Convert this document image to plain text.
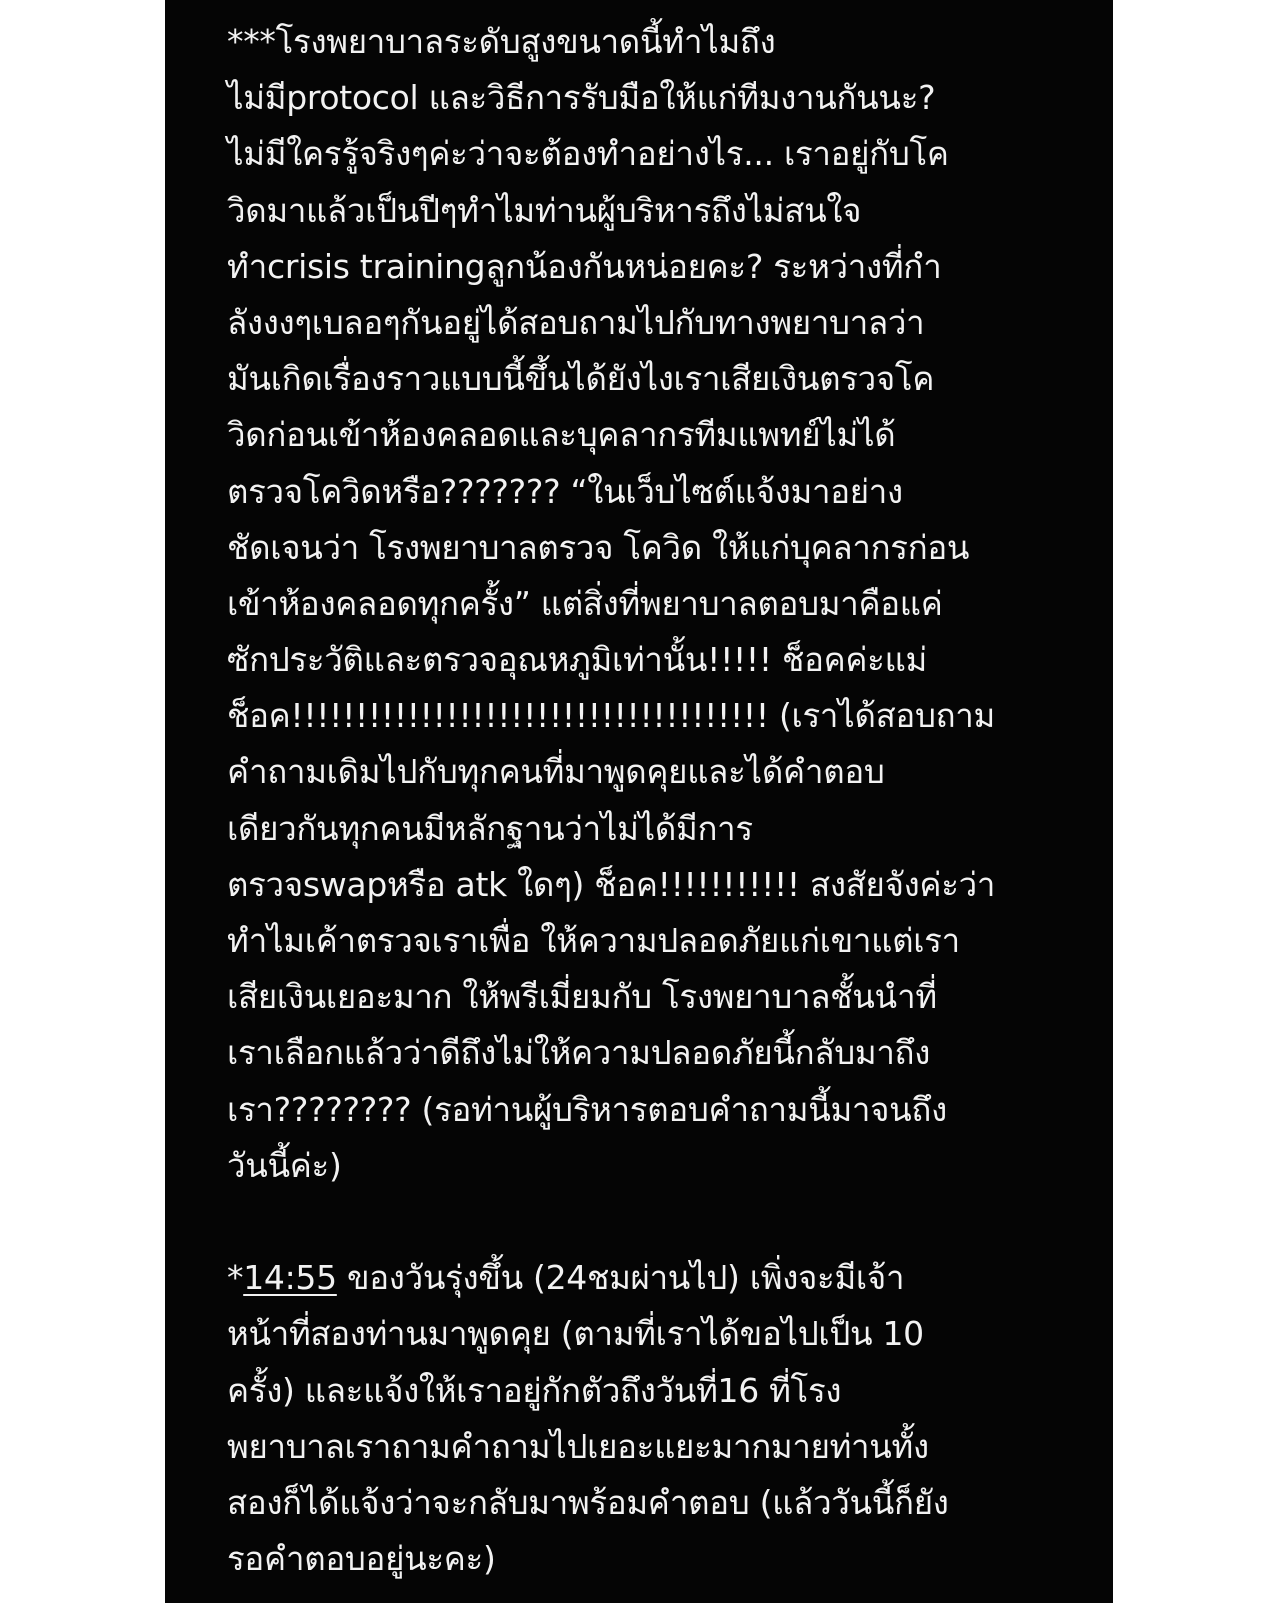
***โรงพยาบาลระดับสูงขนาดนี้ทำไมถึง
ไม่มีprotocol และวิธีการรับมือให้แก่ทีมงานกันนะ?
ไม่มีใครรู้จริงๆค่ะว่าจะต้องทำอย่างไร... เราอยู่กับโค
วิดมาแล้วเป็นปีๆทำไมท่านผู้บริหารถึงไม่สนใจ
ทำcrisis trainingลูกน้องกันหน่อยคะ? ระหว่างที่กำ
ลังงงๆเบลอๆกันอยู่ได้สอบถามไปกับทางพยาบาลว่า
มันเกิดเรื่องราวแบบนี้ขึ้นได้ยังไงเราเสียเงินตรวจโค
วิดก่อนเข้าห้องคลอดและบุคลากรทีมแพทย์ไม่ได้
ตรวจโควิดหรือ??????? “ในเว็บไซต์แจ้งมาอย่าง
ชัดเจนว่า โรงพยาบาลตรวจ โควิด ให้แก่บุคลากรก่อน
เข้าห้องคลอดทุกครั้ง” แต่สิ่งที่พยาบาลตอบมาคือแค่
ซักประวัติและตรวจอุณหภูมิเท่านั้น!!!!! ช็อคค่ะแม่
ช็อค!!!!!!!!!!!!!!!!!!!!!!!!!!!!!!!!!!!!! (เราได้สอบถาม
คำถามเดิมไปกับทุกคนที่มาพูดคุยและได้คำตอบ
เดียวกันทุกคนมีหลักฐานว่าไม่ได้มีการ
ตรวจswapหรือ atk ใดๆ) ช็อค!!!!!!!!!!! สงสัยจังค่ะว่า
ทำไมเค้าตรวจเราเพื่อ ให้ความปลอดภัยแก่เขาแต่เรา
เสียเงินเยอะมาก ให้พรีเมี่ยมกับ โรงพยาบาลชั้นนำที่
เราเลือกแล้วว่าดีถึงไม่ให้ความปลอดภัยนี้กลับมาถึง
เรา???????? (รอท่านผู้บริหารตอบคำถามนี้มาจนถึง
วันนี้ค่ะ)
*14:55 ของวันรุ่งขึ้น (24ชมผ่านไป) เพิ่งจะมีเจ้า
หน้าที่สองท่านมาพูดคุย (ตามที่เราได้ขอไปเป็น 10
ครั้ง) และแจ้งให้เราอยู่กักตัวถึงวันที่16 ที่โรง
พยาบาลเราถามคำถามไปเยอะแยะมากมายท่านทั้ง
สองก็ได้แจ้งว่าจะกลับมาพร้อมคำตอบ (แล้ววันนี้ก็ยัง
รอคำตอบอยู่นะคะ)
